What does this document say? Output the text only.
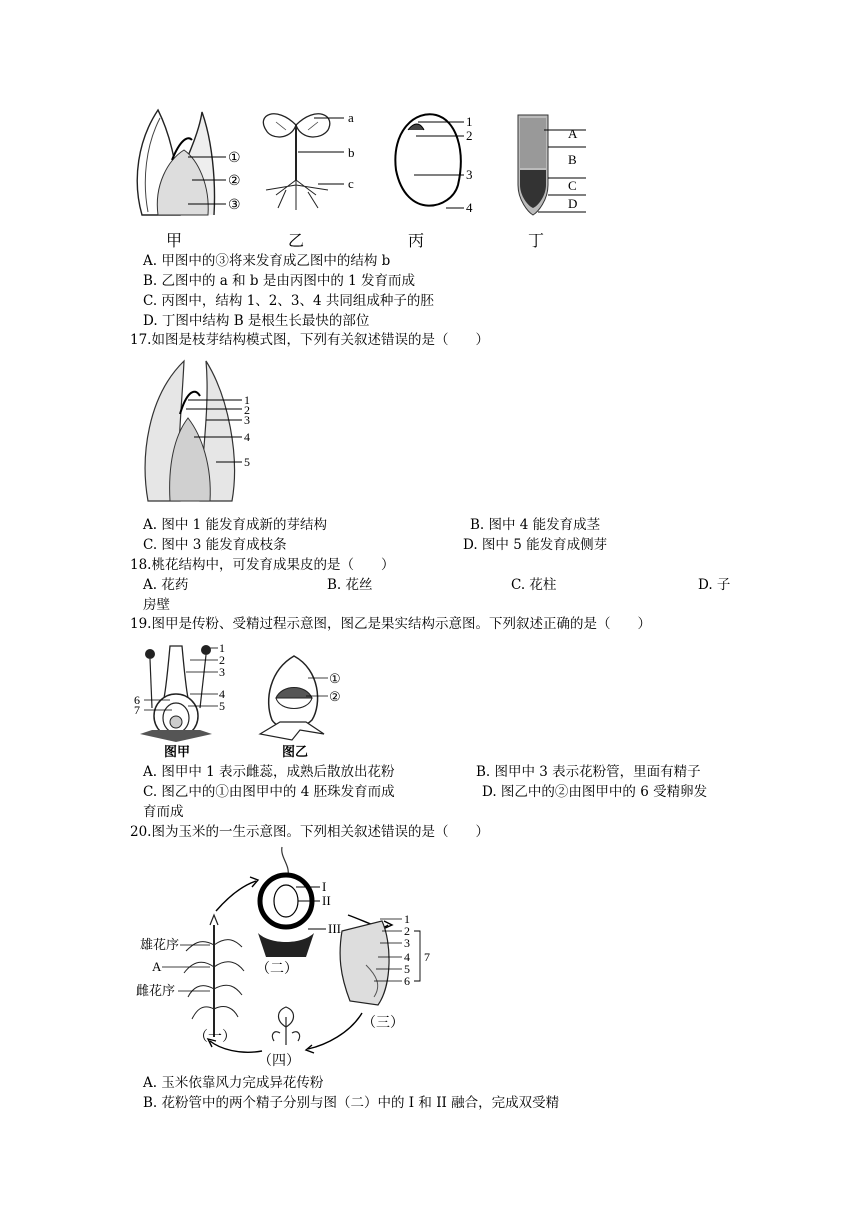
①
②
③
甲
a
b
c
乙
1
2
3
4
丙
A
B
C
D
丁
A. 甲图中的③将来发育成乙图中的结构 b
B. 乙图中的 a 和 b 是由丙图中的 1 发育而成
C. 丙图中，结构 1、2、3、4 共同组成种子的胚
D. 丁图中结构 B 是根生长最快的部位
17.如图是枝芽结构模式图，下列有关叙述错误的是（　　）
1
2
3
4
5
A. 图中 1 能发育成新的芽结构	B. 图中 4 能发育成茎
C. 图中 3 能发育成枝条	D. 图中 5 能发育成侧芽
18.桃花结构中，可发育成果皮的是（　　）
A. 花药	B. 花丝	C. 花柱	D. 子
房壁
19.图甲是传粉、受精过程示意图，图乙是果实结构示意图。下列叙述正确的是（　　）
1
2
3
4
5
6
7
图甲
①
②
图乙
A. 图甲中 1 表示雌蕊，成熟后散放出花粉	B. 图甲中 3 表示花粉管，里面有精子
C. 图乙中的①由图甲中的 4 胚珠发育而成	D. 图乙中的②由图甲中的 6 受精卵发
育而成
20.图为玉米的一生示意图。下列相关叙述错误的是（　　）
I
II
III
（二）
1
2
3
4
5
6
7
（三）
（四）
雄花序
A
雌花序
（一）
A. 玉米依靠风力完成异花传粉
B. 花粉管中的两个精子分别与图（二）中的 I 和 II 融合，完成双受精
